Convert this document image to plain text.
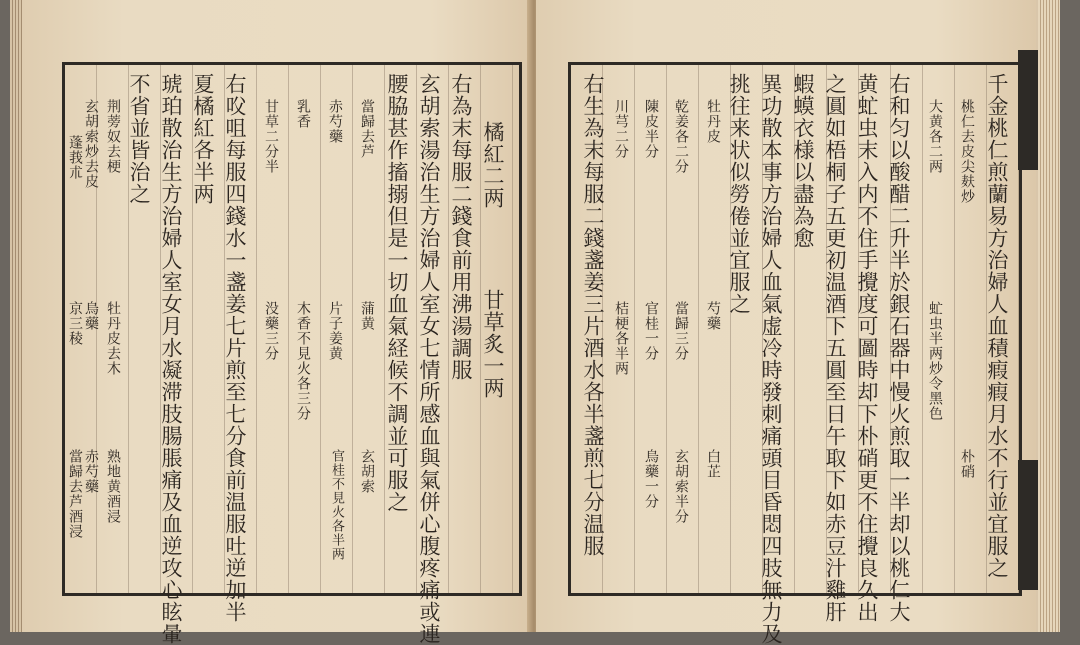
橘紅二两
甘草炙一两
右為末每服二錢食前用沸湯調服
玄胡索湯治生方治婦人室女七情所感血與氣併心腹疼痛或連
腰脇甚作搐搦但是一切血氣経候不調並可服之
當歸去芦
蒲黄
玄胡索
赤芍藥
片子姜黄
官桂不見火各半两
乳香
木香不見火各三分
甘草二分半
没藥三分
右㕮咀每服四錢水一盞姜七片煎至七分食前温服吐逆加半
夏橘紅各半两
琥珀散治生方治婦人室女月水凝滞肢腸脹痛及血逆攻心眩暈
不省並皆治之
荆蒡奴去梗
牡丹皮去木
熟地黄酒浸
玄胡索炒去皮
烏藥
赤芍藥
蓬莪朮
京三稜
當歸去芦酒浸	千金桃仁煎蘭易方治婦人血積瘕瘕月水不行並宜服之
桃仁去皮尖麸炒
朴硝
大黄各二两
虻虫半两炒令黑色
右和匀以酸醋二升半於銀石器中慢火煎取一半却以桃仁大
黄虻虫末入内不住手攪度可圖時却下朴硝更不住攪良久出
之圓如梧桐子五更初温酒下五圓至日午取下如赤豆汁雞肝
蝦蟆衣様以盡為愈
異功散本事方治婦人血氣虚冷時發刺痛頭目昏悶四肢無力及
挑往来状似勞倦並宜服之
牡丹皮
芍藥
白芷
乾姜各二分
當歸三分
玄胡索半分
陳皮半分
官桂一分
烏藥一分
川芎二分
桔梗各半两
右生為末每服二錢盞姜三片酒水各半盞煎七分温服
